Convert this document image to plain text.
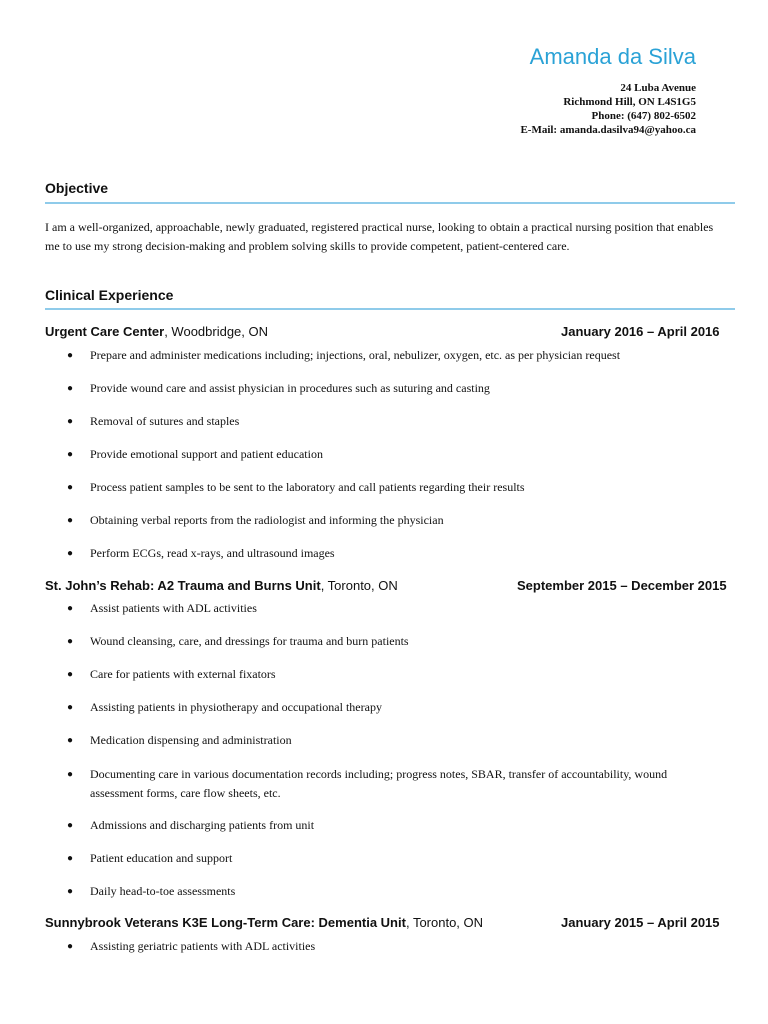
Amanda da Silva
24 Luba Avenue
Richmond Hill, ON L4S1G5
Phone: (647) 802-6502
E-Mail: amanda.dasilva94@yahoo.ca
Objective
I am a well-organized, approachable, newly graduated, registered practical nurse, looking to obtain a practical nursing position that enables me to use my strong decision-making and problem solving skills to provide competent, patient-centered care.
Clinical Experience
Urgent Care Center, Woodbridge, ON	January 2016 – April 2016
● Prepare and administer medications including; injections, oral, nebulizer, oxygen, etc. as per physician request
● Provide wound care and assist physician in procedures such as suturing and casting
● Removal of sutures and staples
● Provide emotional support and patient education
● Process patient samples to be sent to the laboratory and call patients regarding their results
● Obtaining verbal reports from the radiologist and informing the physician
● Perform ECGs, read x-rays, and ultrasound images
St. John’s Rehab: A2 Trauma and Burns Unit, Toronto, ON	September 2015 – December 2015
● Assist patients with ADL activities
● Wound cleansing, care, and dressings for trauma and burn patients
● Care for patients with external fixators
● Assisting patients in physiotherapy and occupational therapy
● Medication dispensing and administration
● Documenting care in various documentation records including; progress notes, SBAR, transfer of accountability, wound assessment forms, care flow sheets, etc.
● Admissions and discharging patients from unit
● Patient education and support
● Daily head-to-toe assessments
Sunnybrook Veterans K3E Long-Term Care: Dementia Unit, Toronto, ON	January 2015 – April 2015
● Assisting geriatric patients with ADL activities
